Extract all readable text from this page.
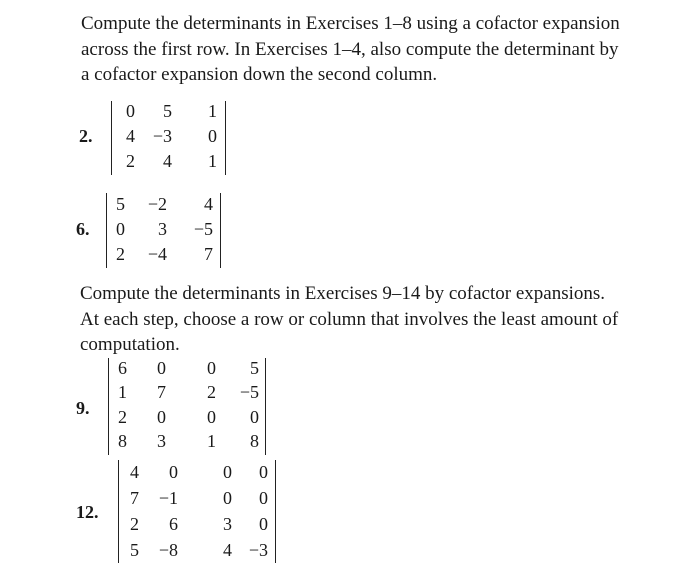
Compute the determinants in Exercises 1–8 using a cofactor expansion across the first row. In Exercises 1–4, also compute the determinant by a cofactor expansion down the second column.

2.
0 5 1
4 −3 0
2 4 1
6.
5 −2 4
0 3 −5
2 −4 7

Compute the determinants in Exercises 9–14 by cofactor expansions. At each step, choose a row or column that involves the least amount of computation.

9.
6 0 0 5
1 7 2 −5
2 0 0 0
8 3 1 8
12.
4 0	0 0
7 −1	0 0
2 6	3 0
5 −8	4 −3
